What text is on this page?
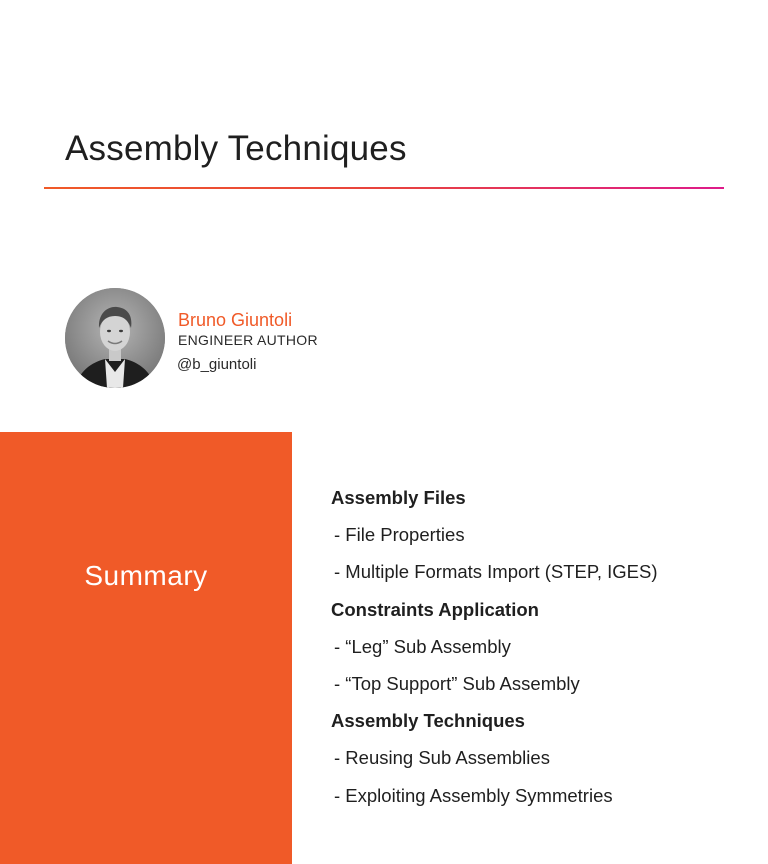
Assembly Techniques
Bruno Giuntoli
ENGINEER AUTHOR
@b_giuntoli
Summary
Assembly Files
- File Properties
- Multiple Formats Import (STEP, IGES)
Constraints Application
- “Leg” Sub Assembly
- “Top Support” Sub Assembly
Assembly Techniques
- Reusing Sub Assemblies
- Exploiting Assembly Symmetries
